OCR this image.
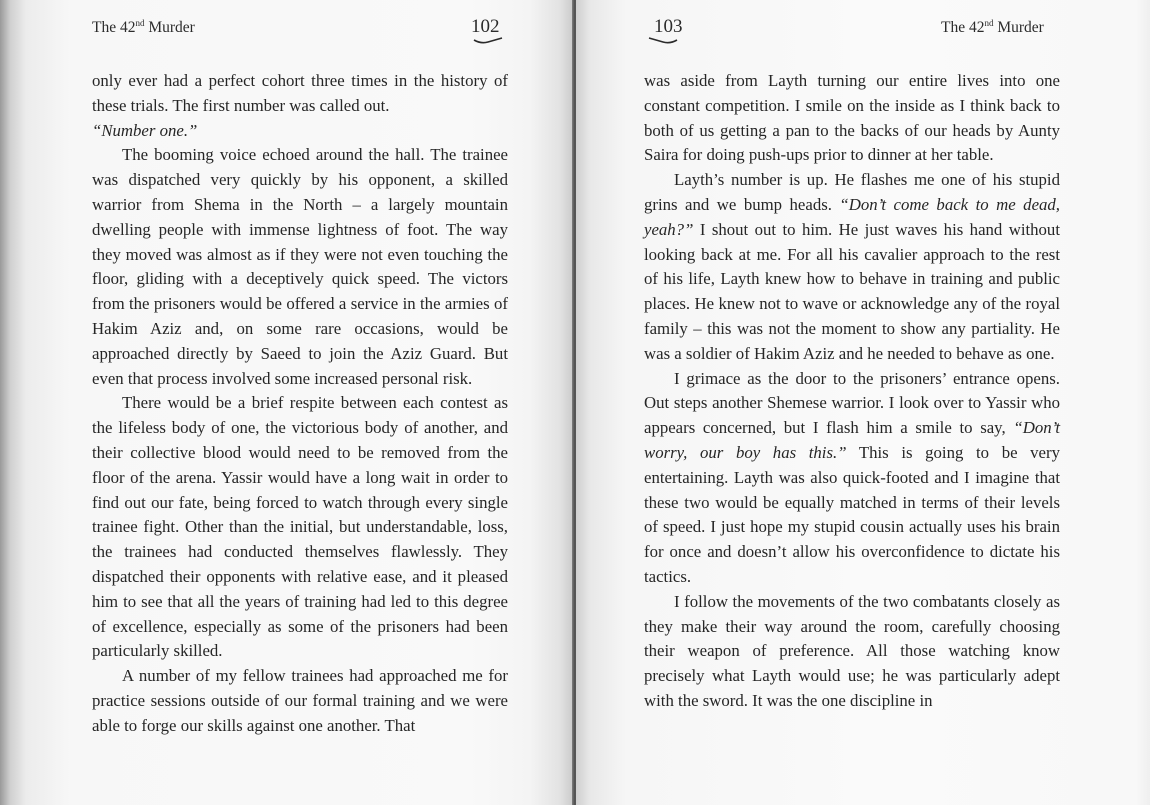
The 42nd Murder	102

only ever had a perfect cohort three times in the history of these trials. The first number was called out.

“Number one.”

The booming voice echoed around the hall. The trainee was dispatched very quickly by his opponent, a skilled warrior from Shema in the North – a largely mountain dwelling people with immense lightness of foot. The way they moved was almost as if they were not even touching the floor, gliding with a deceptively quick speed. The victors from the prisoners would be offered a service in the armies of Hakim Aziz and, on some rare occasions, would be approached directly by Saeed to join the Aziz Guard. But even that process involved some increased personal risk.

There would be a brief respite between each contest as the lifeless body of one, the victorious body of another, and their collective blood would need to be removed from the floor of the arena. Yassir would have a long wait in order to find out our fate, being forced to watch through every single trainee fight. Other than the initial, but understandable, loss, the trainees had conducted themselves flawlessly. They dispatched their opponents with relative ease, and it pleased him to see that all the years of training had led to this degree of excellence, especially as some of the prisoners had been particularly skilled.

A number of my fellow trainees had approached me for practice sessions outside of our formal training and we were able to forge our skills against one another. That

103	The 42nd Murder

was aside from Layth turning our entire lives into one constant competition. I smile on the inside as I think back to both of us getting a pan to the backs of our heads by Aunty Saira for doing push-ups prior to dinner at her table.

Layth’s number is up. He flashes me one of his stupid grins and we bump heads. “Don’t come back to me dead, yeah?” I shout out to him. He just waves his hand without looking back at me. For all his cavalier approach to the rest of his life, Layth knew how to behave in training and public places. He knew not to wave or acknowledge any of the royal family – this was not the moment to show any partiality. He was a soldier of Hakim Aziz and he needed to behave as one.

I grimace as the door to the prisoners’ entrance opens. Out steps another Shemese warrior. I look over to Yassir who appears concerned, but I flash him a smile to say, “Don’t worry, our boy has this.” This is going to be very entertaining. Layth was also quick-footed and I imagine that these two would be equally matched in terms of their levels of speed. I just hope my stupid cousin actually uses his brain for once and doesn’t allow his overconfidence to dictate his tactics.

I follow the movements of the two combatants closely as they make their way around the room, carefully choosing their weapon of preference. All those watching know precisely what Layth would use; he was particularly adept with the sword. It was the one discipline in
